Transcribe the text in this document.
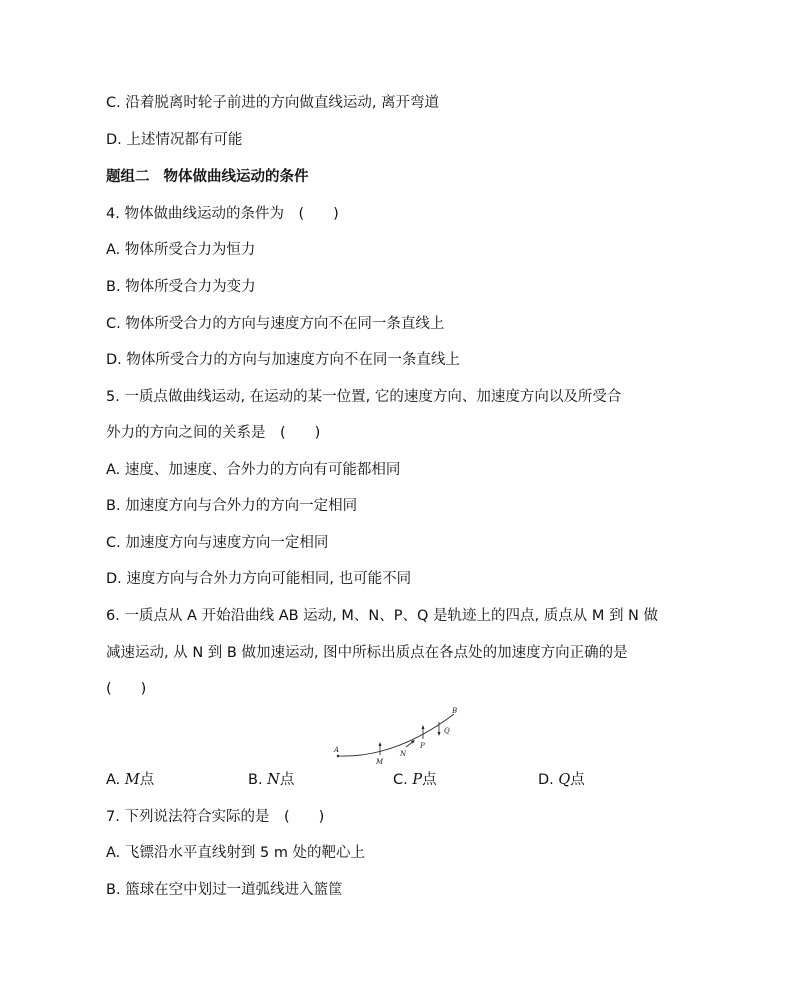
C. 沿着脱离时轮子前进的方向做直线运动, 离开弯道
D. 上述情况都有可能
题组二 物体做曲线运动的条件
4. 物体做曲线运动的条件为　(　　)
A. 物体所受合力为恒力
B. 物体所受合力为变力
C. 物体所受合力的方向与速度方向不在同一条直线上
D. 物体所受合力的方向与加速度方向不在同一条直线上
5. 一质点做曲线运动, 在运动的某一位置, 它的速度方向、加速度方向以及所受合
外力的方向之间的关系是　(　　)
A. 速度、加速度、合外力的方向有可能都相同
B. 加速度方向与合外力的方向一定相同
C. 加速度方向与速度方向一定相同
D. 速度方向与合外力方向可能相同, 也可能不同
6. 一质点从 A 开始沿曲线 AB 运动, M、N、P、Q 是轨迹上的四点, 质点从 M 到 N 做
减速运动, 从 N 到 B 做加速运动, 图中所标出质点在各点处的加速度方向正确的是
(　　)
A
M
N
P
Q
B
A. M点	B. N点	C. P点	D. Q点
7. 下列说法符合实际的是　(　　)
A. 飞镖沿水平直线射到 5 m 处的靶心上
B. 篮球在空中划过一道弧线进入篮筐
